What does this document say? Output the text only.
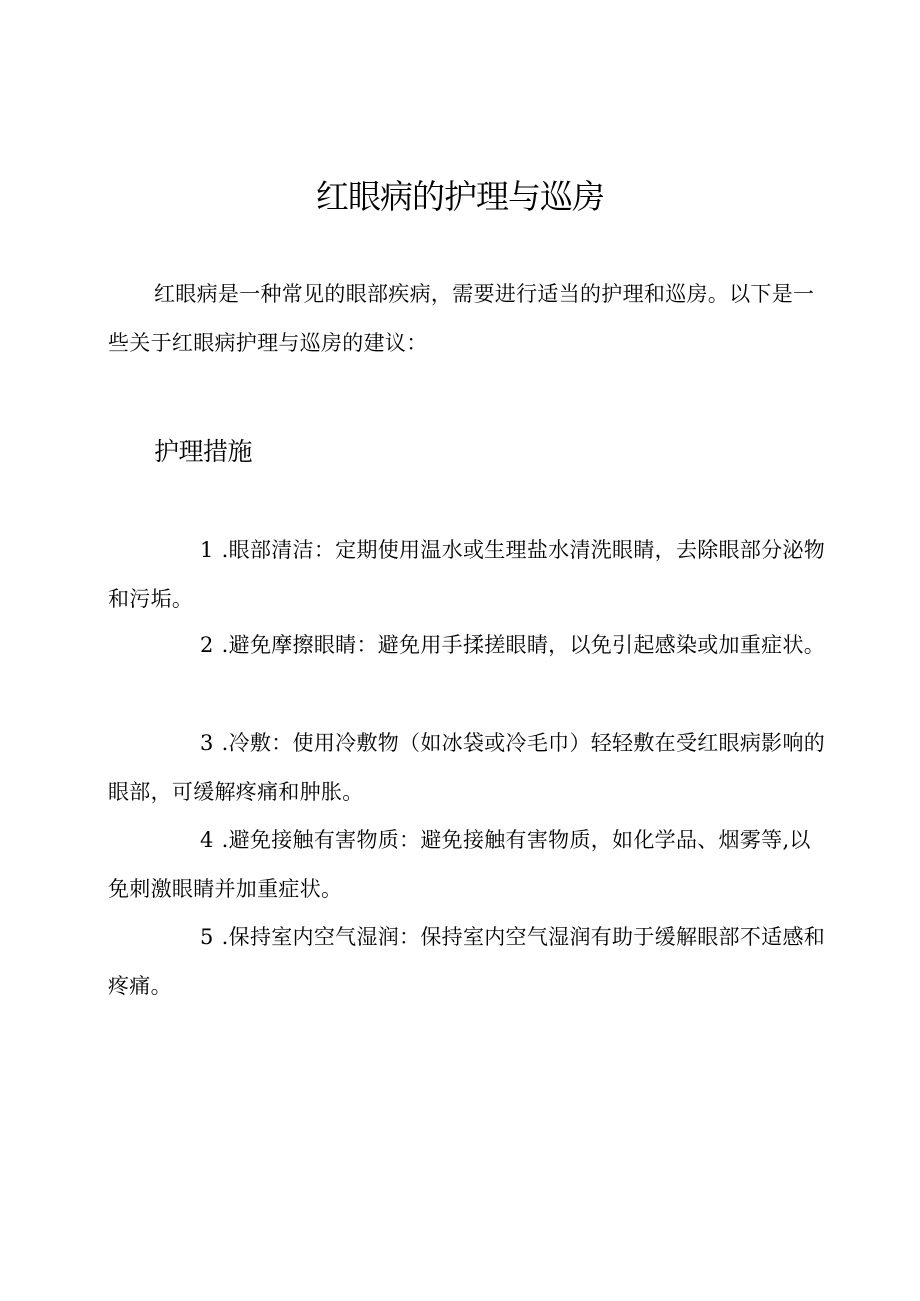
红眼病的护理与巡房

红眼病是一种常见的眼部疾病，需要进行适当的护理和巡房。以下是一些关于红眼病护理与巡房的建议：

护理措施

1 .眼部清洁：定期使用温水或生理盐水清洗眼睛，去除眼部分泌物和污垢。

2 .避免摩擦眼睛：避免用手揉搓眼睛，以免引起感染或加重症状。

3 .冷敷：使用冷敷物（如冰袋或冷毛巾）轻轻敷在受红眼病影响的眼部，可缓解疼痛和肿胀。

4 .避免接触有害物质：避免接触有害物质，如化学品、烟雾等,以免刺激眼睛并加重症状。

5 .保持室内空气湿润：保持室内空气湿润有助于缓解眼部不适感和疼痛。
